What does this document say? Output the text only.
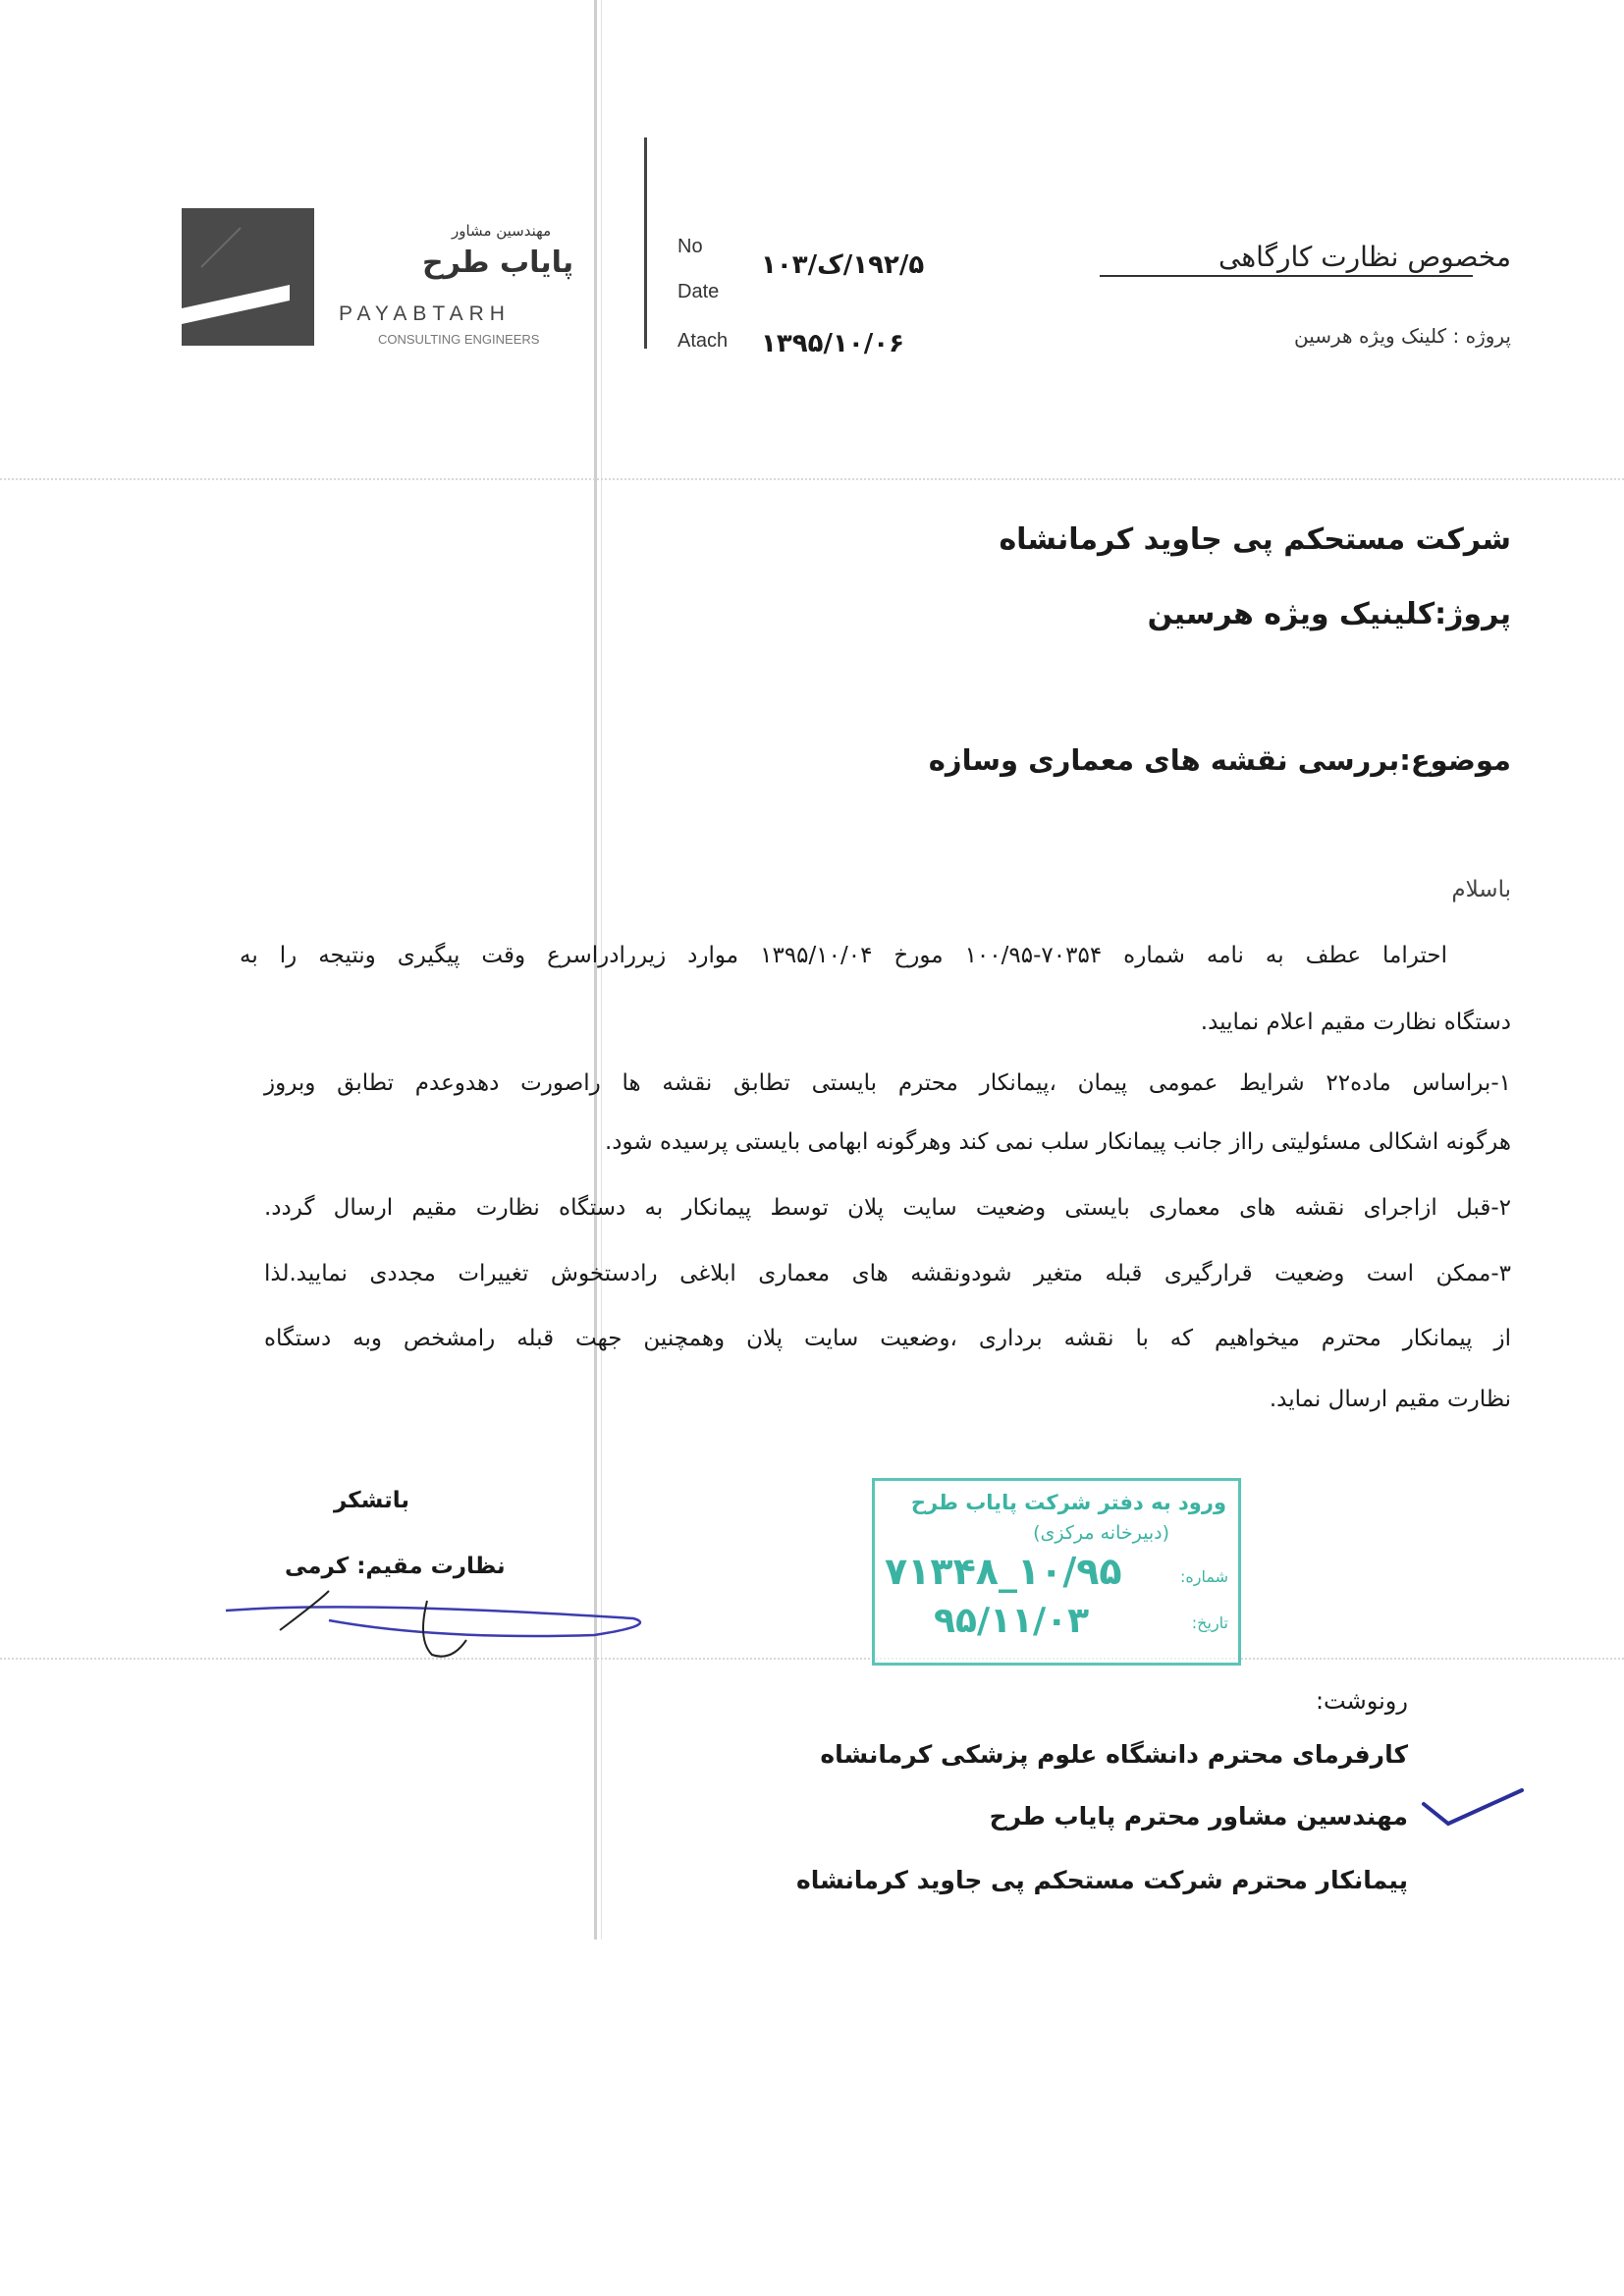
مهندسین مشاور
پایاب طرح
PAYABTARH
CONSULTING ENGINEERS
No
Date
Atach
۱۹۲/۵/ک/۱۰۳
۱۳۹۵/۱۰/۰۶
مخصوص نظارت کارگاهی
پروژه : کلینک ویژه هرسین
شرکت مستحکم پی جاوید کرمانشاه
پروژ:کلینیک ویژه هرسین
موضوع:بررسی نقشه های معماری وسازه
باسلام
احتراما عطف به نامه شماره ۷۰۳۵۴-۱۰۰/۹۵ مورخ ۱۳۹۵/۱۰/۰۴ موارد زیررادراسرع وقت پیگیری ونتیجه را به
دستگاه نظارت مقیم اعلام نمایید.
۱-براساس ماده۲۲ شرایط عمومی پیمان ،پیمانکار محترم بایستی تطابق نقشه ها راصورت دهدوعدم تطابق وبروز
هرگونه اشکالی مسئولیتی رااز جانب پیمانکار سلب نمی کند وهرگونه ابهامی بایستی پرسیده شود.
۲-قبل ازاجرای نقشه های معماری بایستی وضعیت سایت پلان توسط پیمانکار به دستگاه نظارت مقیم ارسال گردد.
۳-ممکن است وضعیت قرارگیری قبله متغیر شودونقشه های معماری ابلاغی رادستخوش تغییرات مجددی نمایید.لذا
از پیمانکار محترم میخواهیم که با نقشه برداری ،وضعیت سایت پلان وهمچنین جهت قبله رامشخص وبه دستگاه
نظارت مقیم ارسال نماید.
باتشکر
نظارت مقیم: کرمی
ورود به دفتر شرکت پایاب طرح
(دبیرخانه مرکزی)
شماره:
تاریخ:
۱۰/۹۵_۷۱۳۴۸
۹۵/۱۱/۰۳
رونوشت:
کارفرمای محترم دانشگاه علوم پزشکی کرمانشاه
مهندسین مشاور محترم پایاب طرح
پیمانکار محترم شرکت مستحکم پی جاوید کرمانشاه
